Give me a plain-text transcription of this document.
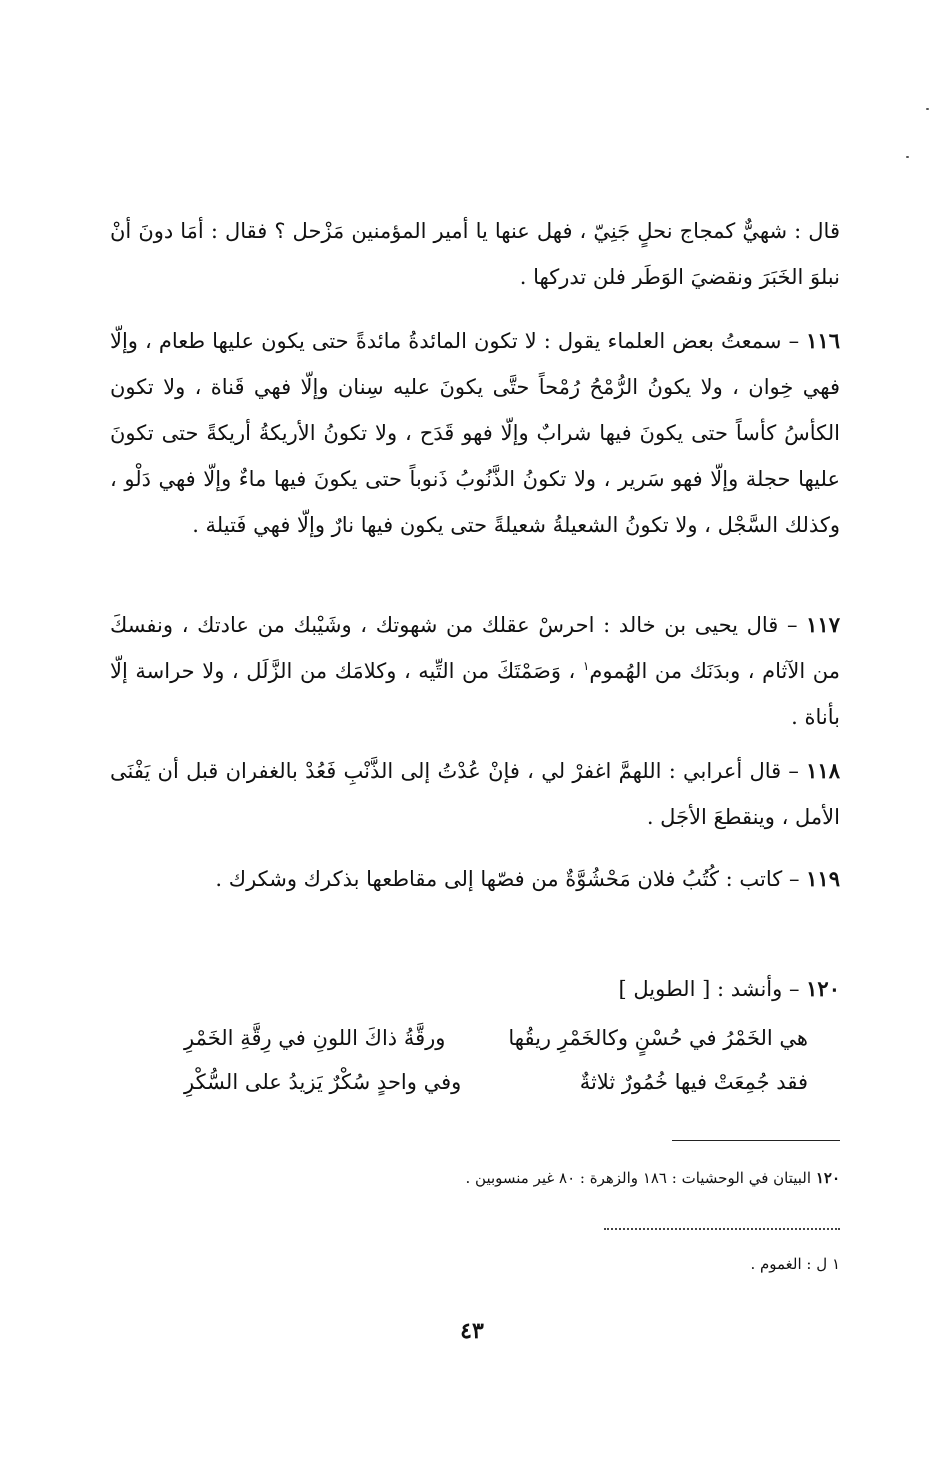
قال : شهيٌّ كمجاج نحلٍ جَنِيّ ، فهل عنها يا أمير المؤمنين مَزْحل ؟ فقال : أمَا دونَ أنْ نبلوَ الخَبَرَ ونقضيَ الوَطَر فلن تدركها .

١١٦ – سمعتُ بعض العلماء يقول : لا تكون المائدةُ مائدةً حتى يكون عليها طعام ، وإلّا فهي خِوان ، ولا يكونُ الرُّمْحُ رُمْحاً حتَّى يكونَ عليه سِنان وإلّا فهي قَناة ، ولا تكون الكأسُ كأساً حتى يكونَ فيها شرابٌ وإلّا فهو قَدَح ، ولا تكونُ الأريكةُ أريكةً حتى تكونَ عليها حجلة وإلّا فهو سَرير ، ولا تكونُ الذَّنُوبُ ذَنوباً حتى يكونَ فيها ماءٌ وإلّا فهي دَلْو ، وكذلك السَّجْل ، ولا تكونُ الشعيلةُ شعيلةً حتى يكون فيها نارٌ وإلّا فهي فَتيلة .

١١٧ – قال يحيى بن خالد : احرسْ عقلك من شهوتك ، وشَيْبك من عادتك ، ونفسكَ من الآثام ، وبدَنَك من الهُموم$^١$ ، وَصَمْتَكَ من التِّيه ، وكلامَك من الزَّلَل ، ولا حراسة إلّا بأناة .

١١٨ – قال أعرابي : اللهمَّ اغفرْ لي ، فإنْ عُدْتُ إلى الذَّنْبِ فَعُدْ بالغفران قبل أن يَفْنَى الأمل ، وينقطعَ الأجَل .

١١٩ – كاتب : كُتُبُ فلان مَحْشُوَّةٌ من فصّها إلى مقاطعها بذكرك وشكرك .

١٢٠ – وأنشد : [ الطويل ]

هي الخَمْرُ في حُسْنٍ وكالخَمْرِ ريقُها
ورقَّةُ ذاكَ اللونِ في رِقَّةِ الخَمْرِ
فقد جُمِعَتْ فيها خُمُورٌ ثلاثةٌ
وفي واحدٍ سُكْرٌ يَزيدُ على السُّكْرِ
١٢٠ البيتان في الوحشيات : ١٨٦ والزهرة : ٨٠ غير منسوبين .
١ ل : الغموم .
٤٣
